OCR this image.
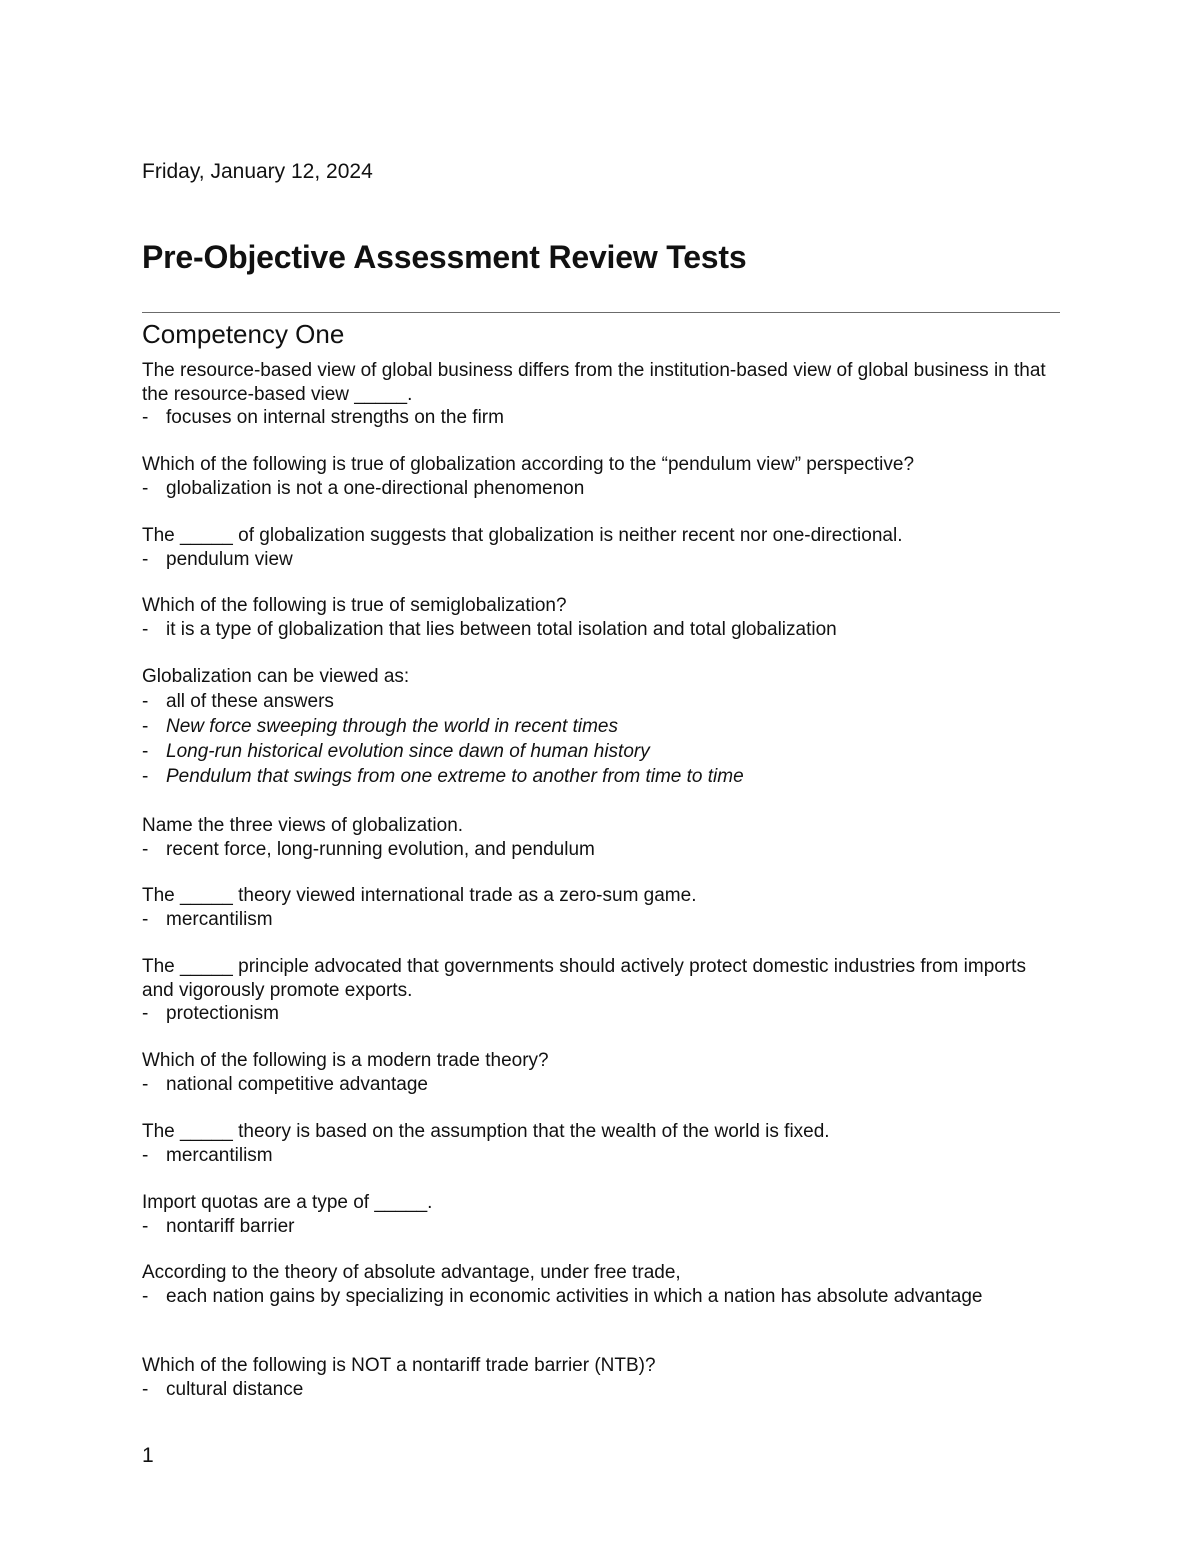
Friday, January 12, 2024
Pre-Objective Assessment Review Tests
Competency One

The resource-based view of global business differs from the institution-based view of global business in that the resource-based view _____.

- focuses on internal strengths on the firm

Which of the following is true of globalization according to the “pendulum view” perspective?

- globalization is not a one-directional phenomenon

The _____ of globalization suggests that globalization is neither recent nor one-directional.

- pendulum view

Which of the following is true of semiglobalization?

- it is a type of globalization that lies between total isolation and total globalization

Globalization can be viewed as:

- all of these answers

- New force sweeping through the world in recent times

- Long-run historical evolution since dawn of human history

- Pendulum that swings from one extreme to another from time to time

Name the three views of globalization.

- recent force, long-running evolution, and pendulum

The _____ theory viewed international trade as a zero-sum game.

- mercantilism

The _____ principle advocated that governments should actively protect domestic industries from imports and vigorously promote exports.

- protectionism

Which of the following is a modern trade theory?

- national competitive advantage

The _____ theory is based on the assumption that the wealth of the world is fixed.

- mercantilism

Import quotas are a type of _____.

- nontariff barrier

According to the theory of absolute advantage, under free trade,

- each nation gains by specializing in economic activities in which a nation has absolute advantage

Which of the following is NOT a nontariff trade barrier (NTB)?

- cultural distance

1
